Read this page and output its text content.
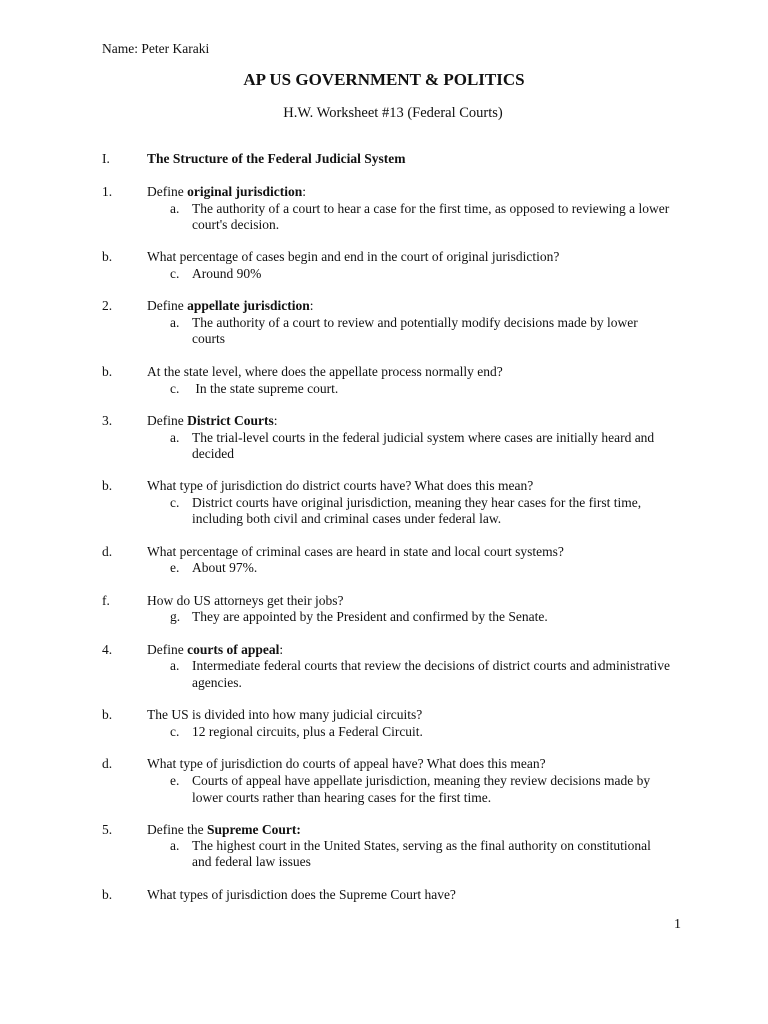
Name: Peter Karaki
AP US GOVERNMENT & POLITICS
H.W. Worksheet #13 (Federal Courts)
I.	The Structure of the Federal Judicial System
1.	Define original jurisdiction:
a. The authority of a court to hear a case for the first time, as opposed to reviewing a lower
court's decision.
b.	What percentage of cases begin and end in the court of original jurisdiction?
c. Around 90%
2.	Define appellate jurisdiction:
a. The authority of a court to review and potentially modify decisions made by lower
courts
b.	At the state level, where does the appellate process normally end?
c. In the state supreme court.
3.	Define District Courts:
a. The trial-level courts in the federal judicial system where cases are initially heard and
decided
b.	What type of jurisdiction do district courts have? What does this mean?
c. District courts have original jurisdiction, meaning they hear cases for the first time,
including both civil and criminal cases under federal law.
d.	What percentage of criminal cases are heard in state and local court systems?
e. About 97%.
f.	How do US attorneys get their jobs?
g. They are appointed by the President and confirmed by the Senate.
4.	Define courts of appeal:
a. Intermediate federal courts that review the decisions of district courts and administrative
agencies.
b.	The US is divided into how many judicial circuits?
c. 12 regional circuits, plus a Federal Circuit.
d.	What type of jurisdiction do courts of appeal have? What does this mean?
e. Courts of appeal have appellate jurisdiction, meaning they review decisions made by
lower courts rather than hearing cases for the first time.
5.	Define the Supreme Court:
a. The highest court in the United States, serving as the final authority on constitutional
and federal law issues
b.	What types of jurisdiction does the Supreme Court have?
1
